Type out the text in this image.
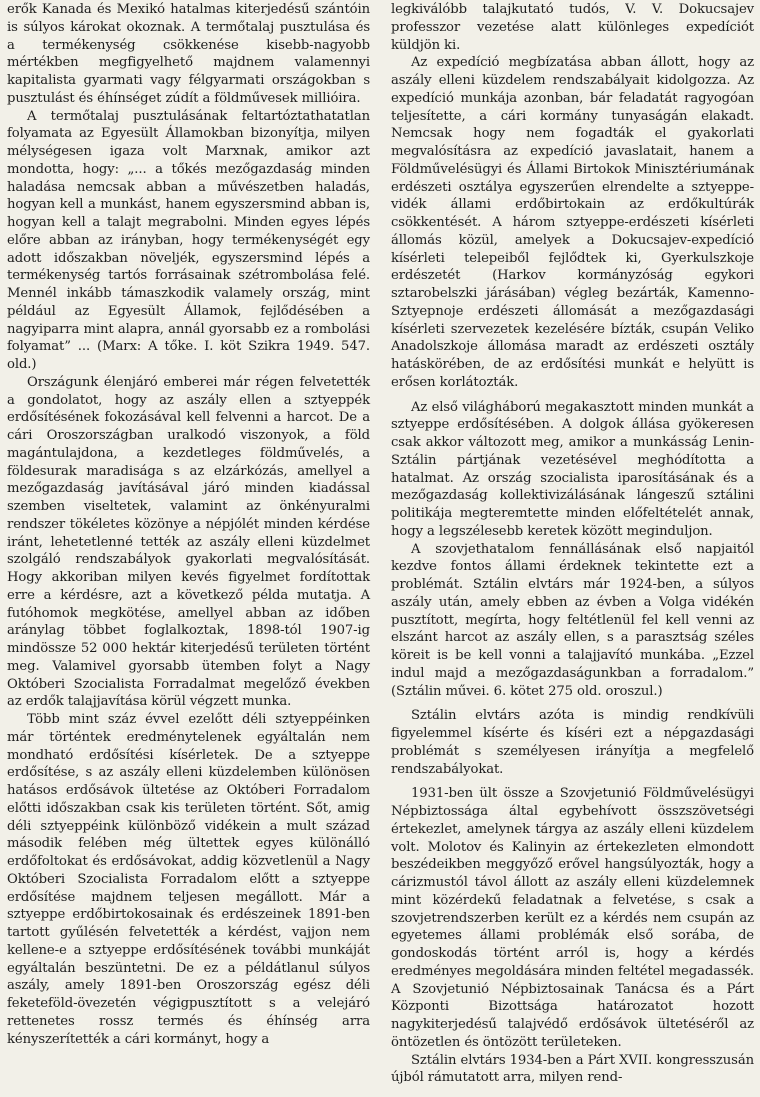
erők Kanada és Mexikó hatalmas kiterjedésű szántóin is súlyos károkat okoznak. A termőtalaj pusztulása és a termékenység csökkenése kisebb-nagyobb mértékben megfigyelhető majdnem valamennyi kapitalista gyarmati vagy félgyarmati országokban s pusztulást és éhínséget zúdít a földművesek millióira.

A termőtalaj pusztulásának feltartóztathatatlan folyamata az Egyesült Államokban bizonyítja, milyen mélységesen igaza volt Marxnak, amikor azt mondotta, hogy: „... a tőkés mezőgazdaság minden haladása nemcsak abban a művészetben haladás, hogyan kell a munkást, hanem egyszersmind abban is, hogyan kell a talajt megrabolni. Minden egyes lépés előre abban az irányban, hogy termékenységét egy adott időszakban növeljék, egyszersmind lépés a termékenység tartós forrásainak szétrombolása felé. Mennél inkább támaszkodik valamely ország, mint például az Egyesült Államok, fejlődésében a nagyiparra mint alapra, annál gyorsabb ez a rombolási folyamat” ... (Marx: A tőke. I. köt Szikra 1949. 547. old.)

Országunk élenjáró emberei már régen felvetették a gondolatot, hogy az aszály ellen a sztyeppék erdősítésének fokozásával kell felvenni a harcot. De a cári Oroszországban uralkodó viszonyok, a föld magántulajdona, a kezdetleges földművelés, a földesurak maradisága s az elzárkózás, amellyel a mezőgazdaság javításával járó minden kiadással szemben viseltetek, valamint az önkényuralmi rendszer tökéletes közönye a népjólét minden kérdése iránt, lehetetlenné tették az aszály elleni küzdelmet szolgáló rendszabályok gyakorlati megvalósítását. Hogy akkoriban milyen kevés figyelmet fordítottak erre a kérdésre, azt a következő példa mutatja. A futóhomok megkötése, amellyel abban az időben aránylag többet foglalkoztak, 1898-tól 1907-ig mindössze 52 000 hektár kiterjedésű területen történt meg. Valamivel gyorsabb ütemben folyt a Nagy Októberi Szocialista Forradalmat megelőző években az erdők talajjavítása körül végzett munka.

Több mint száz évvel ezelőtt déli sztyeppéinken már történtek eredménytelenek egyáltalán nem mondható erdősítési kísérletek. De a sztyeppe erdősítése, s az aszály elleni küzdelemben különösen hatásos erdősávok ültetése az Októberi Forradalom előtti időszakban csak kis területen történt. Sőt, amig déli sztyeppéink különböző vidékein a mult század második felében még ültettek egyes különálló erdőfoltokat és erdősávokat, addig közvetlenül a Nagy Októberi Szocialista Forradalom előtt a sztyeppe erdősítése majdnem teljesen megállott. Már a sztyeppe erdőbirtokosainak és erdészeinek 1891-ben tartott gyűlésén felvetették a kérdést, vajjon nem kellene-e a sztyeppe erdősítésének további munkáját egyáltalán beszüntetni. De ez a példátlanul súlyos aszály, amely 1891-ben Oroszország egész déli feketeföld-övezetén végigpusztított s a velejáró rettenetes rossz termés és éhínség arra kényszerítették a cári kormányt, hogy a

legkiválóbb talajkutató tudós, V. V. Dokucsajev professzor vezetése alatt különleges expedíciót küldjön ki.

Az expedíció megbízatása abban állott, hogy az aszály elleni küzdelem rendszabályait kidolgozza. Az expedíció munkája azonban, bár feladatát ragyogóan teljesítette, a cári kormány tunyaságán elakadt. Nemcsak hogy nem fogadták el gyakorlati megvalósításra az expedíció javaslatait, hanem a Földművelésügyi és Állami Birtokok Minisztériumának erdészeti osztálya egyszerűen elrendelte a sztyeppe-vidék állami erdőbirtokain az erdőkultúrák csökkentését. A három sztyeppe-erdészeti kísérleti állomás közül, amelyek a Dokucsajev-expedíció kísérleti telepeiből fejlődtek ki, Gyerkulszkoje erdészetét (Harkov kormányzóság egykori sztarobelszki járásában) végleg bezárták, Kamenno-Sztyepnoje erdészeti állomását a mezőgazdasági kísérleti szervezetek kezelésére bízták, csupán Veliko Anadolszkoje állomása maradt az erdészeti osztály hatáskörében, de az erdősítési munkát e helyütt is erősen korlátozták.

Az első világháború megakasztott minden munkát a sztyeppe erdősítésében. A dolgok állása gyökeresen csak akkor változott meg, amikor a munkásság Lenin-Sztálin pártjának vezetésével meghódította a hatalmat. Az ország szocialista iparosításának és a mezőgazdaság kollektivizálásának lángeszű sztálini politikája megteremtette minden előfeltételét annak, hogy a legszélesebb keretek között megindulјon.

A szovjethatalom fennállásának első napjaitól kezdve fontos állami érdeknek tekintette ezt a problémát. Sztálin elvtárs már 1924-ben, a súlyos aszály után, amely ebben az évben a Volga vidékén pusztított, megírta, hogy feltétlenül fel kell venni az elszánt harcot az aszály ellen, s a parasztság széles köreit is be kell vonni a talajjavító munkába. „Ezzel indul majd a mezőgazdaságunkban a forradalom.” (Sztálin művei. 6. kötet 275 old. oroszul.)

Sztálin elvtárs azóta is mindig rendkívüli figyelemmel kísérte és kíséri ezt a népgazdasági problémát s személyesen irányítja a megfelelő rendszabályokat.

1931-ben ült össze a Szovjetunió Földművelésügyi Népbiztossága által egybehívott összszövetségi értekezlet, amelynek tárgya az aszály elleni küzdelem volt. Molotov és Kalinyin az értekezleten elmondott beszédeikben meggyőző erővel hangsúlyozták, hogy a cárizmustól távol állott az aszály elleni küzdelemnek mint közérdekű feladatnak a felvetése, s csak a szovjetrendszerben került ez a kérdés nem csupán az egyetemes állami problémák első sorába, de gondoskodás történt arról is, hogy a kérdés eredményes megoldására minden feltétel megadassék. A Szovjetunió Népbiztosainak Tanácsa és a Párt Központi Bizottsága határozatot hozott nagykiterjedésű talajvédő erdősávok ültetéséről az öntözetlen és öntözött területeken.

Sztálin elvtárs 1934-ben a Párt XVII. kongresszusán újból rámutatott arra, milyen rend-
